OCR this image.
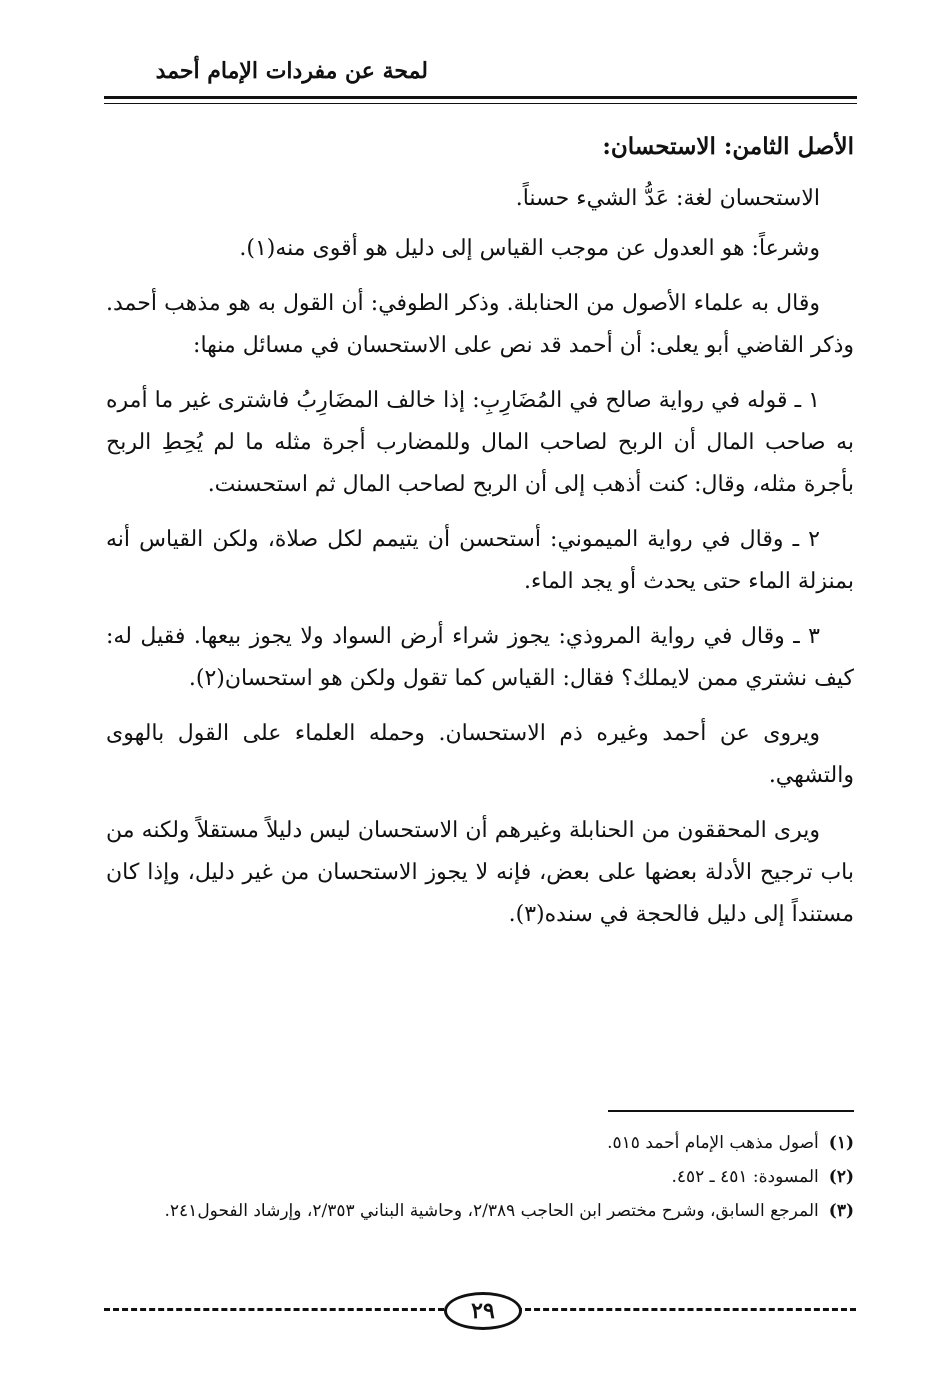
لمحة عن مفردات الإمام أحمد

الأصل الثامن: الاستحسان:

الاستحسان لغة: عَدُّ الشيء حسناً.

وشرعاً: هو العدول عن موجب القياس إلى دليل هو أقوى منه(١).

وقال به علماء الأصول من الحنابلة. وذكر الطوفي: أن القول به هو مذهب أحمد. وذكر القاضي أبو يعلى: أن أحمد قد نص على الاستحسان في مسائل منها:

١ ـ قوله في رواية صالح في المُضَارِبِ: إذا خالف المضَارِبُ فاشترى غير ما أمره به صاحب المال أن الربح لصاحب المال وللمضارب أجرة مثله ما لم يُحِطِ الربح بأجرة مثله، وقال: كنت أذهب إلى أن الربح لصاحب المال ثم استحسنت.

٢ ـ وقال في رواية الميموني: أستحسن أن يتيمم لكل صلاة، ولكن القياس أنه بمنزلة الماء حتى يحدث أو يجد الماء.

٣ ـ وقال في رواية المروذي: يجوز شراء أرض السواد ولا يجوز بيعها. فقيل له: كيف نشتري ممن لايملك؟ فقال: القياس كما تقول ولكن هو استحسان(٢).

ويروى عن أحمد وغيره ذم الاستحسان. وحمله العلماء على القول بالهوى والتشهي.

ويرى المحققون من الحنابلة وغيرهم أن الاستحسان ليس دليلاً مستقلاً ولكنه من باب ترجيح الأدلة بعضها على بعض، فإنه لا يجوز الاستحسان من غير دليل، وإذا كان مستنداً إلى دليل فالحجة في سنده(٣).

(١)أصول مذهب الإمام أحمد ٥١٥.

(٢)المسودة: ٤٥١ ـ ٤٥٢.

(٣)المرجع السابق، وشرح مختصر ابن الحاجب ٢/٣٨٩، وحاشية البناني ٢/٣٥٣، وإرشاد الفحول٢٤١.

٢٩
